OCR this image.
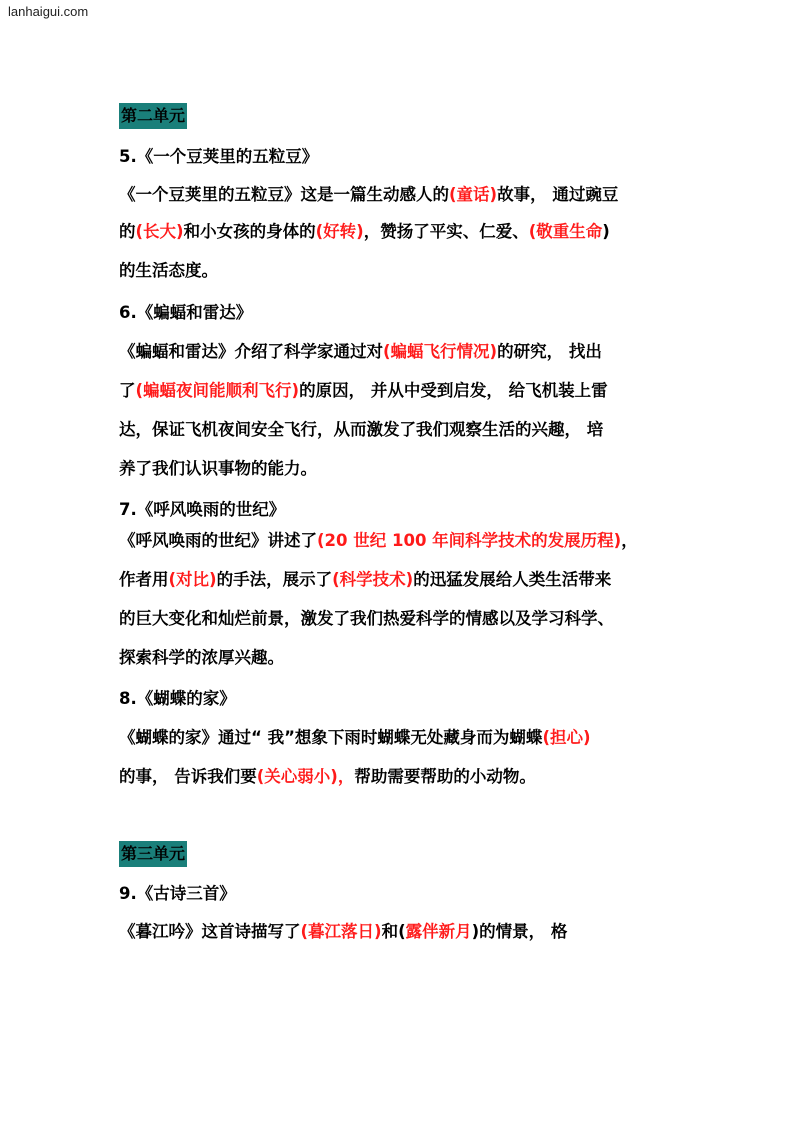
lanhaigui.com
第二单元
5.《一个豆荚里的五粒豆》
《一个豆荚里的五粒豆》这是一篇生动感人的(童话)故事， 通过豌豆
的(长大)和小女孩的身体的(好转)，赞扬了平实、仁爱、(敬重生命)
的生活态度。
6.《蝙蝠和雷达》
《蝙蝠和雷达》介绍了科学家通过对(蝙蝠飞行情况)的研究， 找出
了(蝙蝠夜间能顺利飞行)的原因， 并从中受到启发， 给飞机装上雷
达，保证飞机夜间安全飞行，从而激发了我们观察生活的兴趣， 培
养了我们认识事物的能力。
7.《呼风唤雨的世纪》
《呼风唤雨的世纪》讲述了(20 世纪 100 年间科学技术的发展历程)，
作者用(对比)的手法，展示了(科学技术)的迅猛发展给人类生活带来
的巨大变化和灿烂前景，激发了我们热爱科学的情感以及学习科学、
探索科学的浓厚兴趣。
8.《蝴蝶的家》
《蝴蝶的家》通过“ 我”想象下雨时蝴蝶无处藏身而为蝴蝶(担心)
的事， 告诉我们要(关心弱小)，帮助需要帮助的小动物。
第三单元
9.《古诗三首》
《暮江吟》这首诗描写了(暮江落日)和(露伴新月)的情景， 格
